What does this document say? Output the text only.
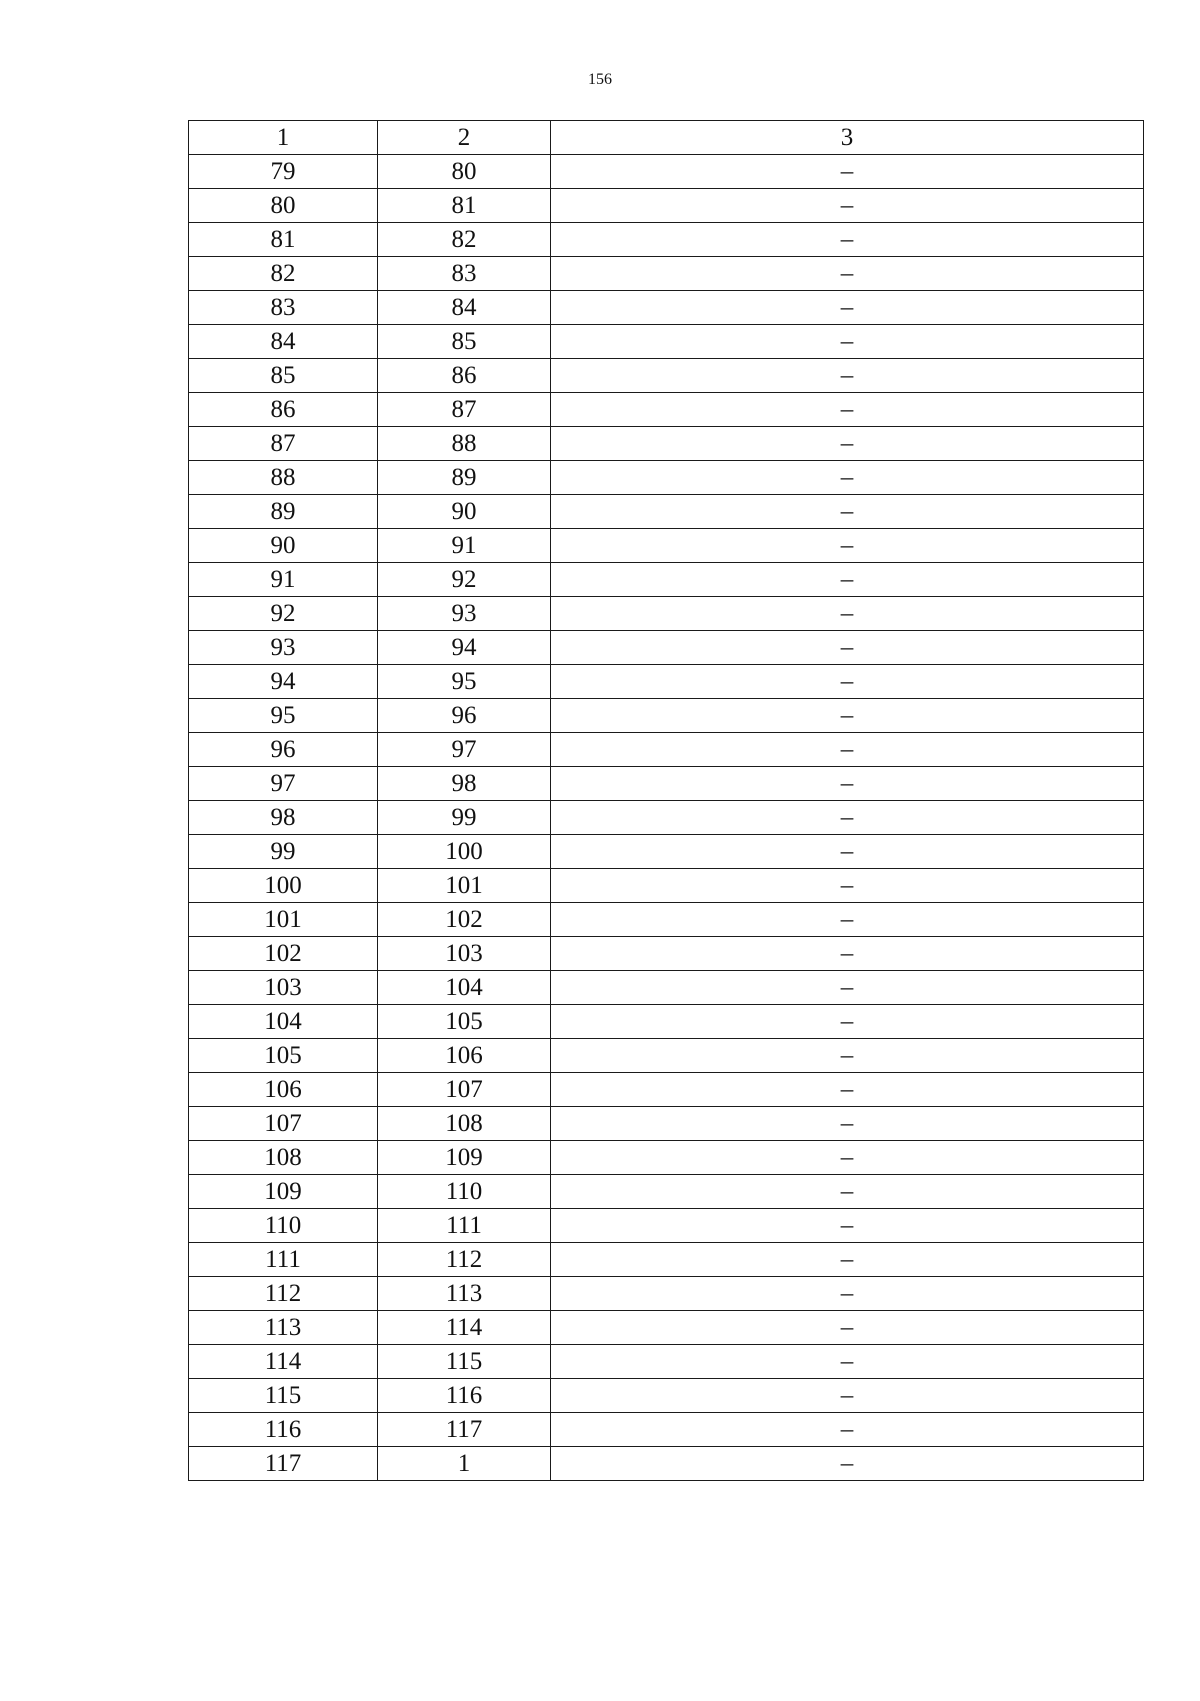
156
1	2	3
79	80	–
80	81	–
81	82	–
82	83	–
83	84	–
84	85	–
85	86	–
86	87	–
87	88	–
88	89	–
89	90	–
90	91	–
91	92	–
92	93	–
93	94	–
94	95	–
95	96	–
96	97	–
97	98	–
98	99	–
99	100	–
100	101	–
101	102	–
102	103	–
103	104	–
104	105	–
105	106	–
106	107	–
107	108	–
108	109	–
109	110	–
110	111	–
111	112	–
112	113	–
113	114	–
114	115	–
115	116	–
116	117	–
117	1	–
